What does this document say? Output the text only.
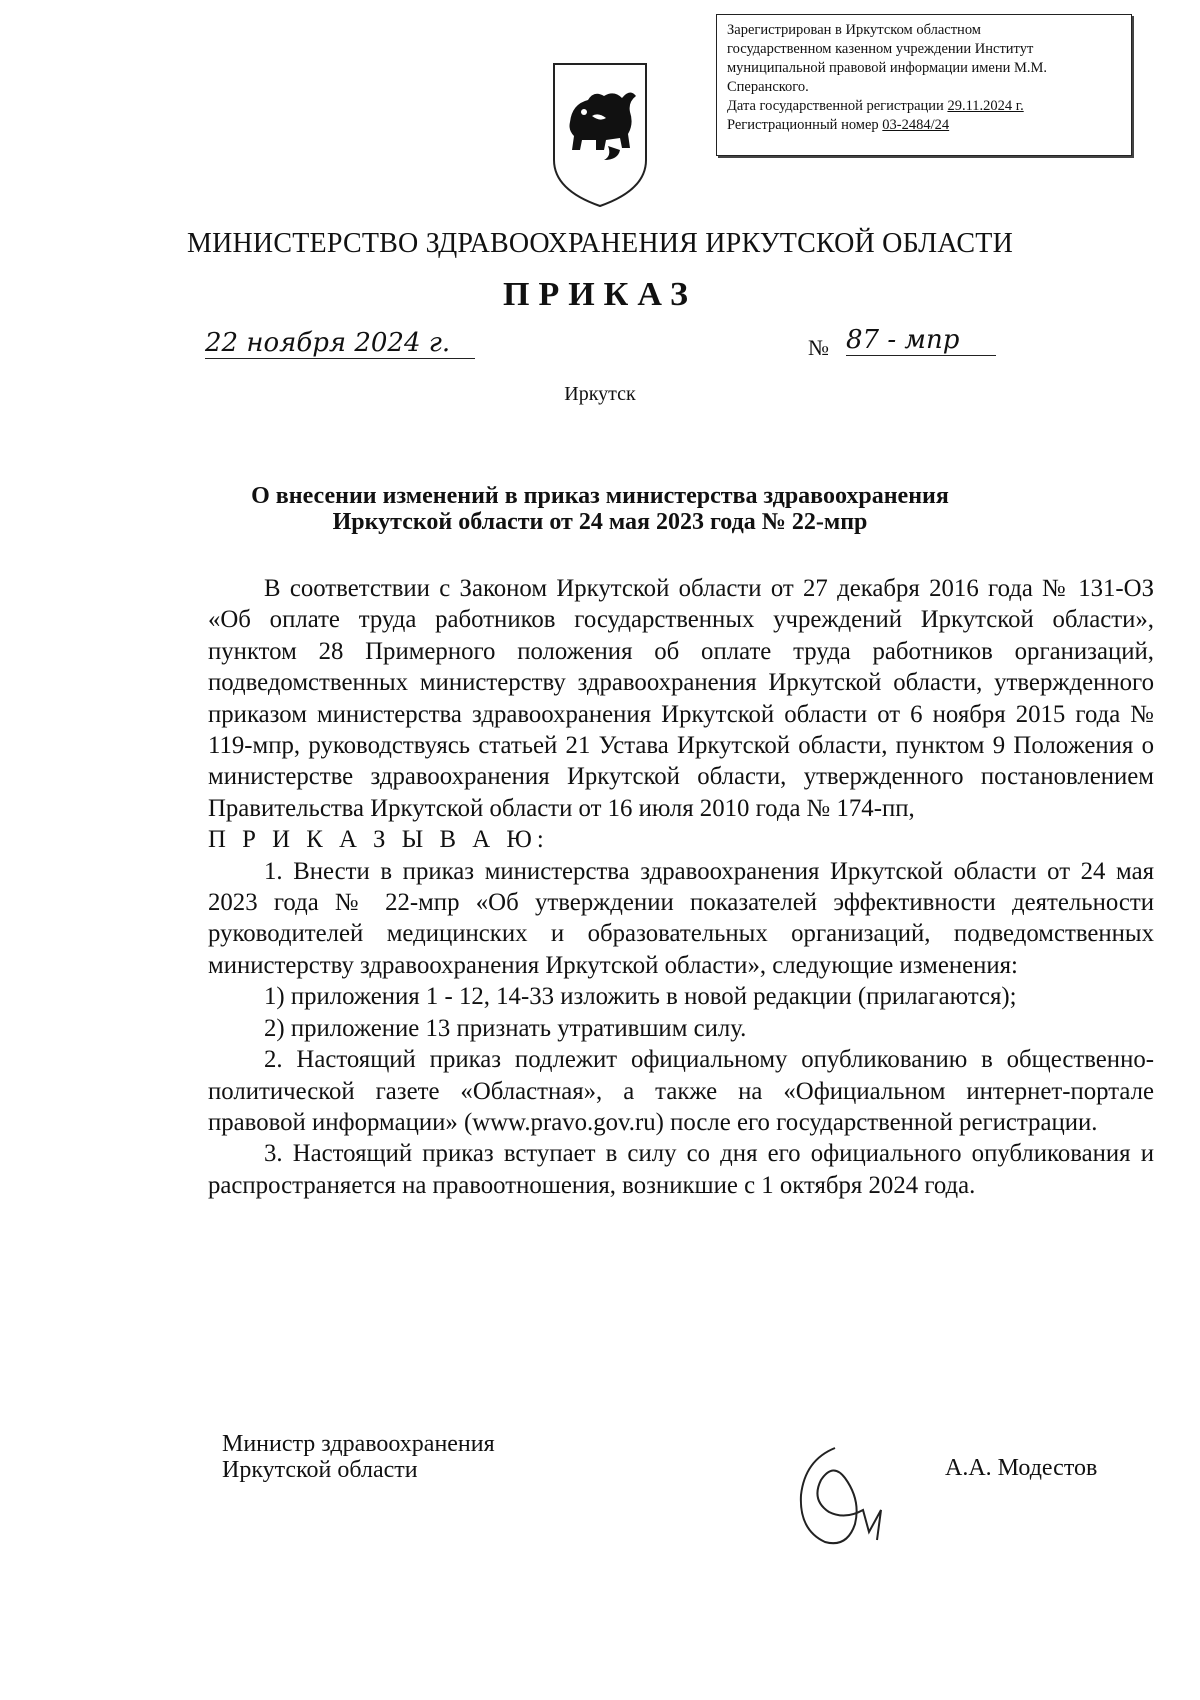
Зарегистрирован в Иркутском областном
государственном казенном учреждении Институт
муниципальной правовой информации имени М.М.
Сперанского.
Дата государственной регистрации 29.11.2024 г.
Регистрационный номер 03-2484/24
МИНИСТЕРСТВО ЗДРАВООХРАНЕНИЯ ИРКУТСКОЙ ОБЛАСТИ
ПРИКАЗ
22 ноября 2024 г.	№ 87 - мпр
Иркутск
О внесении изменений в приказ министерства здравоохранения
Иркутской области от 24 мая 2023 года № 22-мпр

В соответствии с Законом Иркутской области от 27 декабря 2016 года № 131-ОЗ «Об оплате труда работников государственных учреждений Иркутской области», пунктом 28 Примерного положения об оплате труда работников организаций, подведомственных министерству здравоохранения Иркутской области, утвержденного приказом министерства здравоохранения Иркутской области от 6 ноября 2015 года № 119-мпр, руководствуясь статьей 21 Устава Иркутской области, пунктом 9 Положения о министерстве здравоохранения Иркутской области, утвержденного постановлением Правительства Иркутской области от 16 июля 2010 года № 174-пп,

П Р И К А З Ы В А Ю:

1. Внести в приказ министерства здравоохранения Иркутской области от 24 мая 2023 года № 22-мпр «Об утверждении показателей эффективности деятельности руководителей медицинских и образовательных организаций, подведомственных министерству здравоохранения Иркутской области», следующие изменения:

1) приложения 1 - 12, 14-33 изложить в новой редакции (прилагаются);

2) приложение 13 признать утратившим силу.

2. Настоящий приказ подлежит официальному опубликованию в общественно-политической газете «Областная», а также на «Официальном интернет-портале правовой информации» (www.pravo.gov.ru) после его государственной регистрации.

3. Настоящий приказ вступает в силу со дня его официального опубликования и распространяется на правоотношения, возникшие с 1 октября 2024 года.

Министр здравоохранения
Иркутской области	А.А. Модестов
